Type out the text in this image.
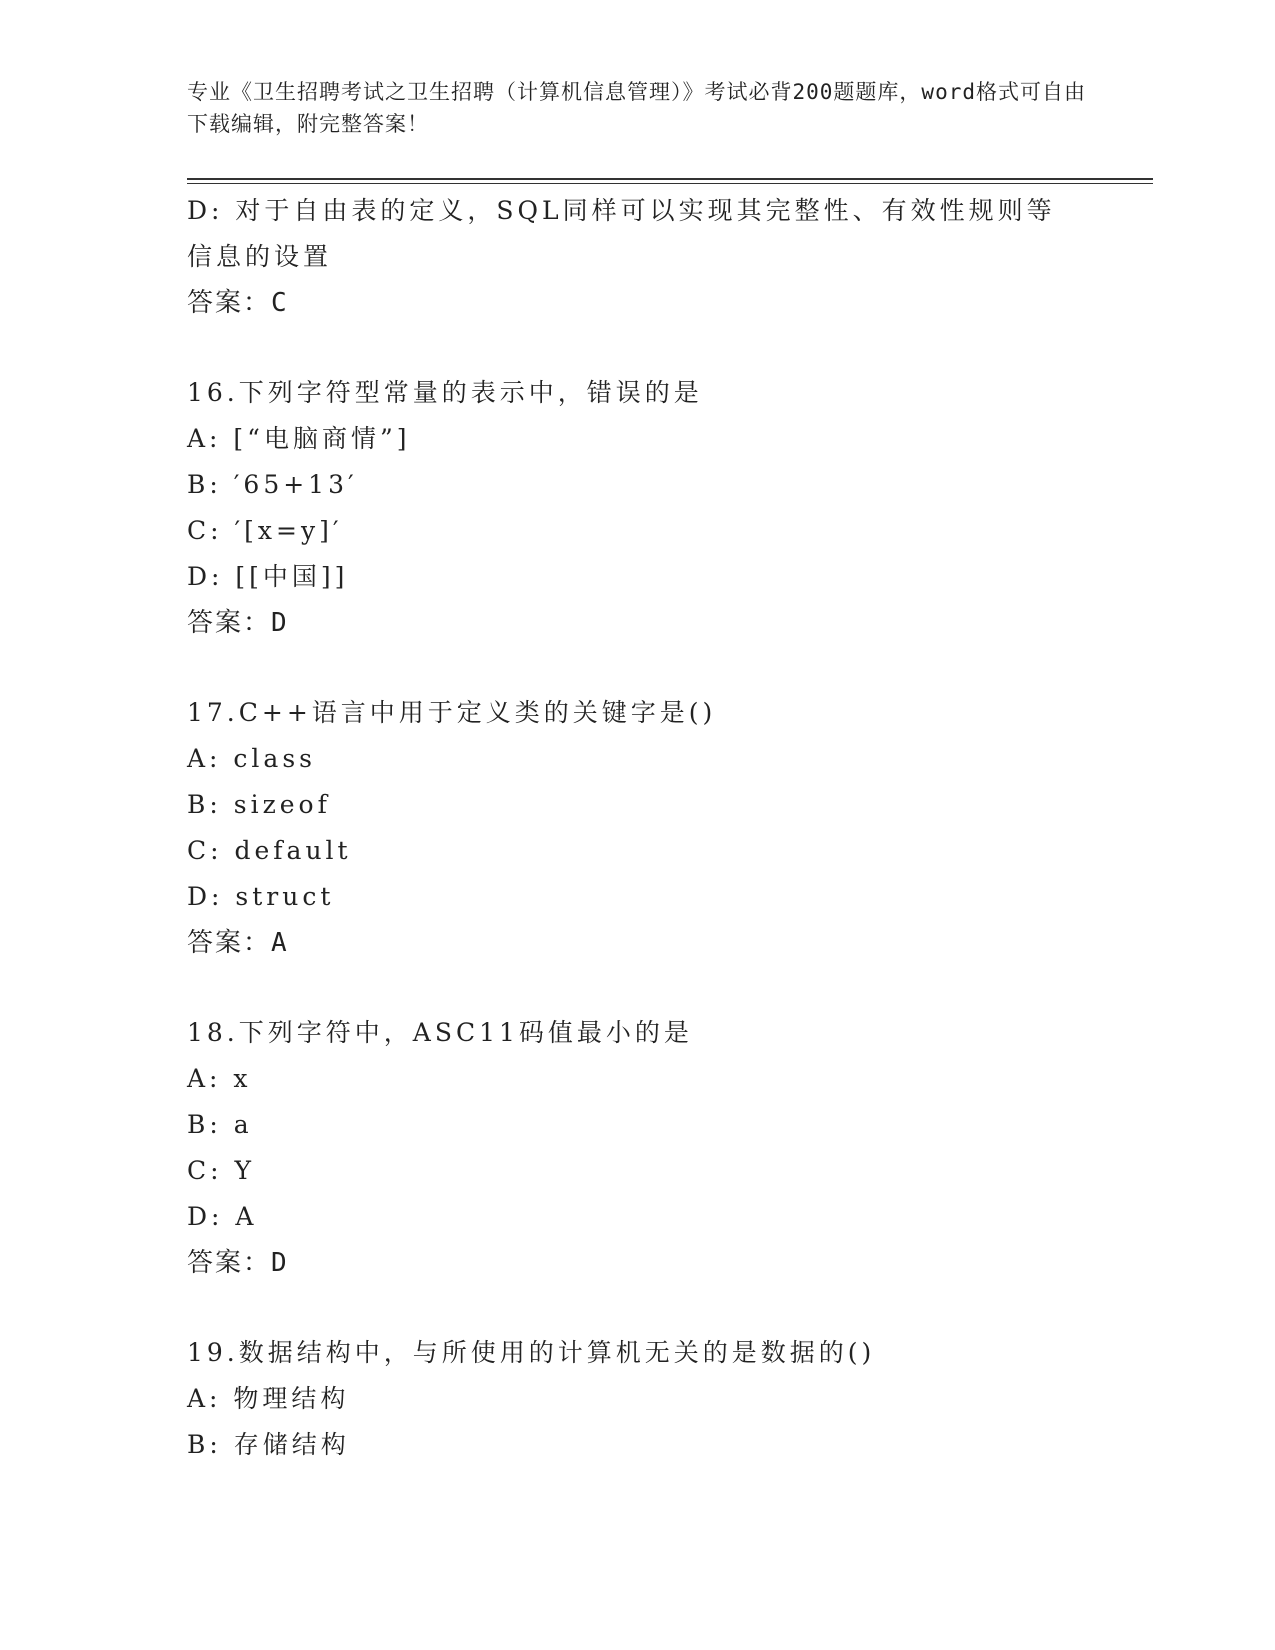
专业《卫生招聘考试之卫生招聘（计算机信息管理）》考试必背200题题库，word格式可自由下载编辑，附完整答案！
D: 对于自由表的定义，SQL同样可以实现其完整性、有效性规则等信息的设置
答案：C
16.下列字符型常量的表示中，错误的是
A: [“电脑商情”]
B: ′65+13′
C: ′[x=y]′
D: [[中国]]
答案：D
17.C++语言中用于定义类的关键字是()
A: class
B: sizeof
C: default
D: struct
答案：A
18.下列字符中，ASC11码值最小的是
A: x
B: a
C: Y
D: A
答案：D
19.数据结构中，与所使用的计算机无关的是数据的()
A: 物理结构
B: 存储结构
